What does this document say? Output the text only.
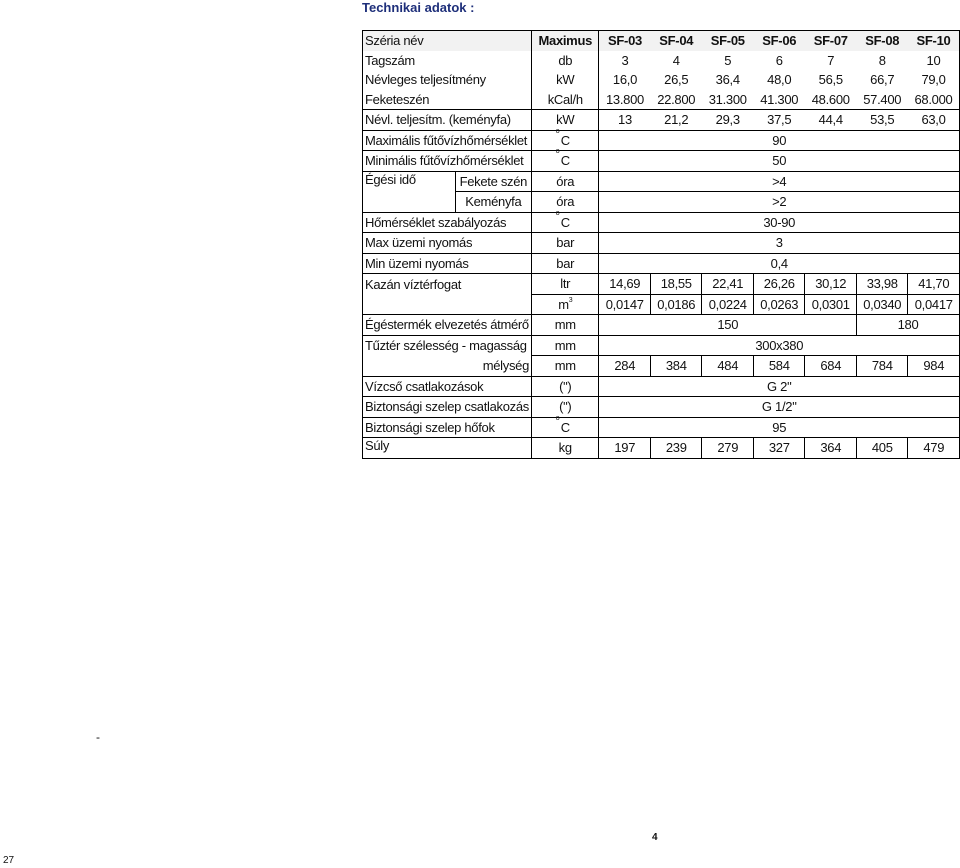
Technikai adatok :
Széria név		Maximus	SF-03	SF-04	SF-05	SF-06	SF-07	SF-08	SF-10
Tagszám		db	3	4	5	6	7	8	10
Névleges teljesítmény		kW	16,0	26,5	36,4	48,0	56,5	66,7	79,0
Feketeszén		kCal/h	13.800	22.800	31.300	41.300	48.600	57.400	68.000
Névl. teljesítm. (keményfa)		kW	13	21,2	29,3	37,5	44,4	53,5	63,0
Maximális fűtővízhőmérséklet		o C	90						
Minimális fűtővízhőmérséklet		o C	50						
Égési idő	Fekete szén	óra	>4						
	Keményfa	óra	>2						
Hőmérséklet szabályozás		o C	30-90						
Max üzemi nyomás		bar	3						
Min üzemi nyomás		bar	0,4						
Kazán víztérfogat		ltr	14,69	18,55	22,41	26,26	30,12	33,98	41,70
		$m^3$	0,0147	0,0186	0,0224	0,0263	0,0301	0,0340	0,0417
Égéstermék elvezetés átmérő		mm	150					180	
Tűztér szélesség - magasság		mm	300x380						
mélység		mm	284	384	484	584	684	784	984
Vízcső csatlakozások		(")	G 2"						
Biztonsági szelep csatlakozás		(")	G 1/2"						
Biztonsági szelep hőfok		o C	95						
Súly		kg	197	239	279	327	364	405	479
-
4
27
